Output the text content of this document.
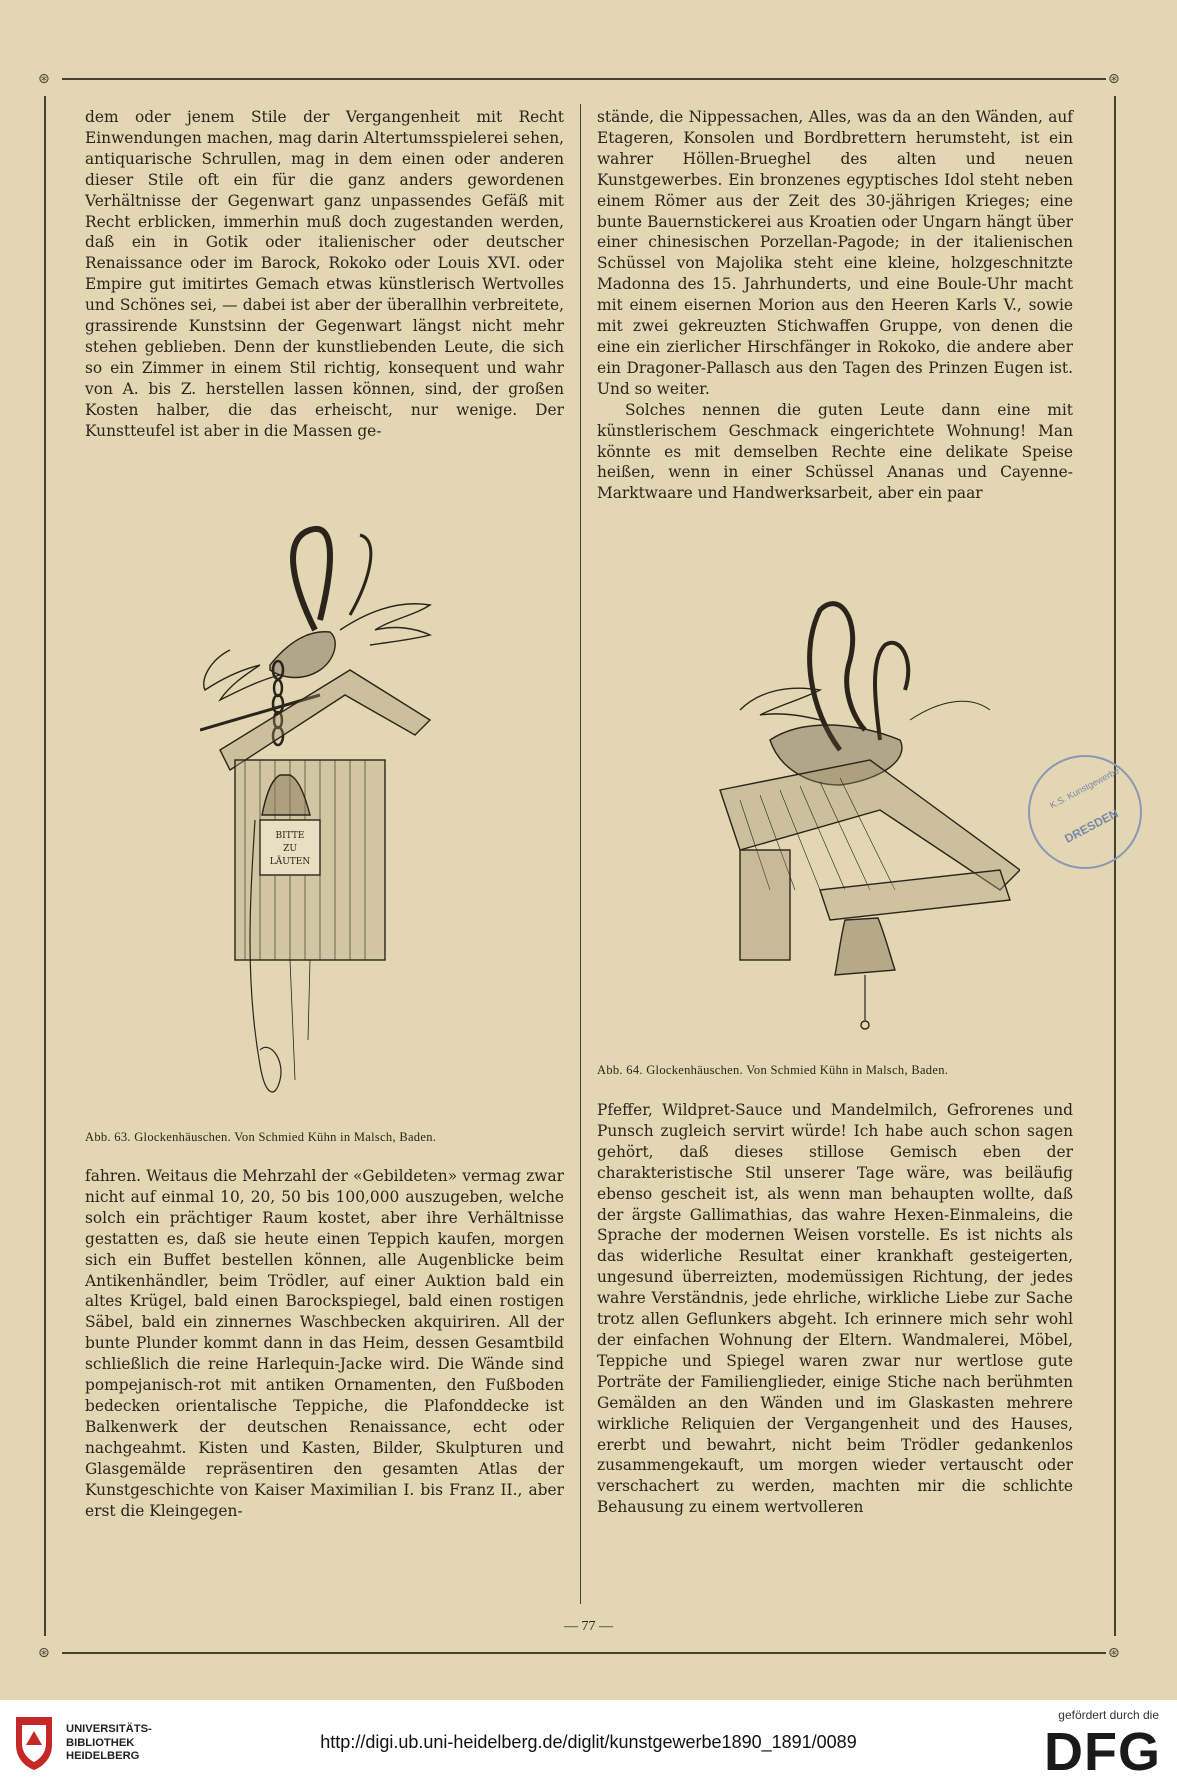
⊛	⊛
⊛	⊛

dem oder jenem Stile der Vergangenheit mit Recht Einwendungen machen, mag darin Altertumsspielerei sehen, antiquarische Schrullen, mag in dem einen oder anderen dieser Stile oft ein für die ganz anders gewordenen Verhältnisse der Gegenwart ganz unpassendes Gefäß mit Recht erblicken, immerhin muß doch zugestanden werden, daß ein in Gotik oder italienischer oder deutscher Renaissance oder im Barock, Rokoko oder Louis XVI. oder Empire gut imitirtes Gemach etwas künstlerisch Wertvolles und Schönes sei, — dabei ist aber der überallhin verbreitete, grassirende Kunstsinn der Gegenwart längst nicht mehr stehen geblieben. Denn der kunstliebenden Leute, die sich so ein Zimmer in einem Stil richtig, konsequent und wahr von A. bis Z. herstellen lassen können, sind, der großen Kosten halber, die das erheischt, nur wenige. Der Kunstteufel ist aber in die Massen ge-

BITTE
ZU
LÄUTEN
Abb. 63. Glockenhäuschen. Von Schmied Kühn in Malsch, Baden.

fahren. Weitaus die Mehrzahl der «Gebildeten» vermag zwar nicht auf einmal 10, 20, 50 bis 100,000 auszugeben, welche solch ein prächtiger Raum kostet, aber ihre Verhältnisse gestatten es, daß sie heute einen Teppich kaufen, morgen sich ein Buffet bestellen können, alle Augenblicke beim Antikenhändler, beim Trödler, auf einer Auktion bald ein altes Krügel, bald einen Barockspiegel, bald einen rostigen Säbel, bald ein zinnernes Waschbecken akquiriren. All der bunte Plunder kommt dann in das Heim, dessen Gesamtbild schließlich die reine Harlequin-Jacke wird. Die Wände sind pompejanisch-rot mit antiken Ornamenten, den Fußboden bedecken orientalische Teppiche, die Plafonddecke ist Balkenwerk der deutschen Renaissance, echt oder nachgeahmt. Kisten und Kasten, Bilder, Skulpturen und Glasgemälde repräsentiren den gesamten Atlas der Kunstgeschichte von Kaiser Maximilian I. bis Franz II., aber erst die Kleingegen-

stände, die Nippessachen, Alles, was da an den Wänden, auf Etageren, Konsolen und Bordbrettern herumsteht, ist ein wahrer Höllen-Brueghel des alten und neuen Kunstgewerbes. Ein bronzenes egyptisches Idol steht neben einem Römer aus der Zeit des 30-jährigen Krieges; eine bunte Bauernstickerei aus Kroatien oder Ungarn hängt über einer chinesischen Porzellan-Pagode; in der italienischen Schüssel von Majolika steht eine kleine, holzgeschnitzte Madonna des 15. Jahrhunderts, und eine Boule-Uhr macht mit einem eisernen Morion aus den Heeren Karls V., sowie mit zwei gekreuzten Stichwaffen Gruppe, von denen die eine ein zierlicher Hirschfänger in Rokoko, die andere aber ein Dragoner-Pallasch aus den Tagen des Prinzen Eugen ist. Und so weiter.

Solches nennen die guten Leute dann eine mit künstlerischem Geschmack eingerichtete Wohnung! Man könnte es mit demselben Rechte eine delikate Speise heißen, wenn in einer Schüssel Ananas und Cayenne-Marktwaare und Handwerksarbeit, aber ein paar

Abb. 64. Glockenhäuschen. Von Schmied Kühn in Malsch, Baden.

Pfeffer, Wildpret-Sauce und Mandelmilch, Gefrorenes und Punsch zugleich servirt würde! Ich habe auch schon sagen gehört, daß dieses stillose Gemisch eben der charakteristische Stil unserer Tage wäre, was beiläufig ebenso gescheit ist, als wenn man behaupten wollte, daß der ärgste Gallimathias, das wahre Hexen-Einmaleins, die Sprache der modernen Weisen vorstelle. Es ist nichts als das widerliche Resultat einer krankhaft gesteigerten, ungesund überreizten, modemüssigen Richtung, der jedes wahre Verständnis, jede ehrliche, wirkliche Liebe zur Sache trotz allen Geflunkers abgeht. Ich erinnere mich sehr wohl der einfachen Wohnung der Eltern. Wandmalerei, Möbel, Teppiche und Spiegel waren zwar nur wertlose gute Porträte der Familienglieder, einige Stiche nach berühmten Gemälden an den Wänden und im Glaskasten mehrere wirkliche Reliquien der Vergangenheit und des Hauses, ererbt und bewahrt, nicht beim Trödler gedankenlos zusammengekauft, um morgen wieder vertauscht oder verschachert zu werden, machten mir die schlichte Behausung zu einem wertvolleren

K.S. Kunstgewerbe
DRESDEN
— 77 —
UNIVERSITÄTS-
BIBLIOTHEK
HEIDELBERG
http://digi.ub.uni-heidelberg.de/diglit/kunstgewerbe1890_1891/0089
gefördert durch die
DFG
